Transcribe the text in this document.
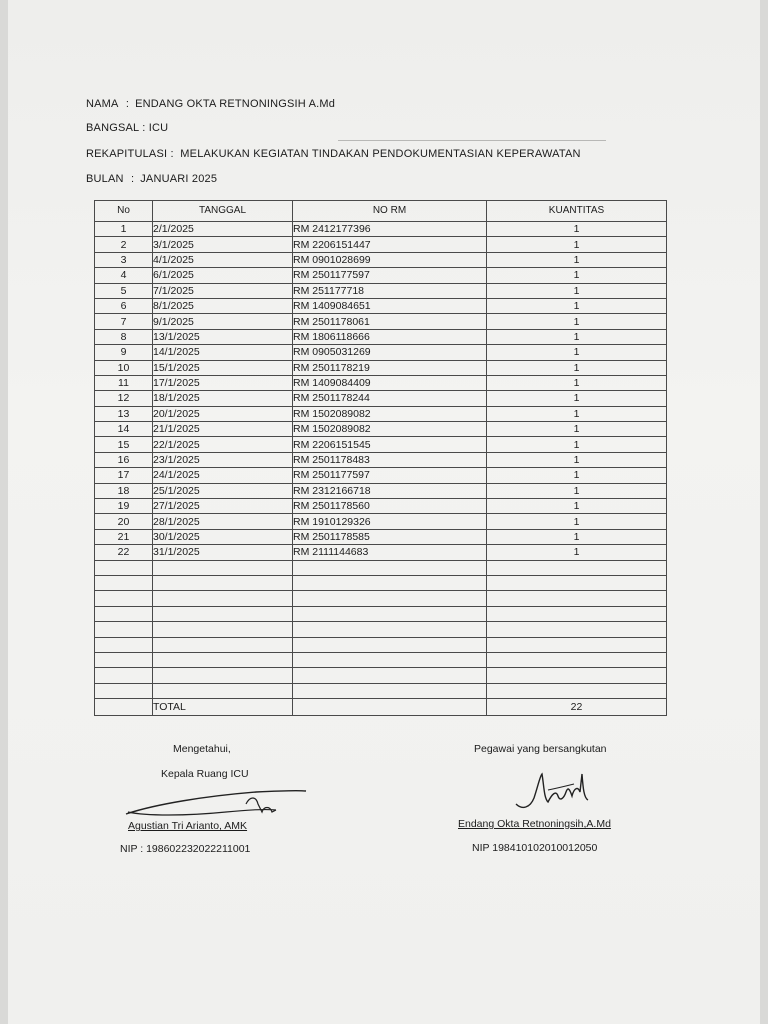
NAMA : ENDANG OKTA RETNONINGSIH A.Md
BANGSAL : ICU
REKAPITULASI : MELAKUKAN KEGIATAN TINDAKAN PENDOKUMENTASIAN KEPERAWATAN
BULAN : JANUARI 2025
No	TANGGAL	NO RM	KUANTITAS
1	2/1/2025	RM 2412177396	1
2	3/1/2025	RM 2206151447	1
3	4/1/2025	RM 0901028699	1
4	6/1/2025	RM 2501177597	1
5	7/1/2025	RM 251177718	1
6	8/1/2025	RM 1409084651	1
7	9/1/2025	RM 2501178061	1
8	13/1/2025	RM 1806118666	1
9	14/1/2025	RM 0905031269	1
10	15/1/2025	RM 2501178219	1
11	17/1/2025	RM 1409084409	1
12	18/1/2025	RM 2501178244	1
13	20/1/2025	RM 1502089082	1
14	21/1/2025	RM 1502089082	1
15	22/1/2025	RM 2206151545	1
16	23/1/2025	RM 2501178483	1
17	24/1/2025	RM 2501177597	1
18	25/1/2025	RM 2312166718	1
19	27/1/2025	RM 2501178560	1
20	28/1/2025	RM 1910129326	1
21	30/1/2025	RM 2501178585	1
22	31/1/2025	RM 2111144683	1

	TOTAL		22
Mengetahui,
Kepala Ruang ICU
Agustian Tri Arianto, AMK
NIP : 198602232022211001
Pegawai yang bersangkutan
Endang Okta Retnoningsih,A.Md
NIP 198410102010012050
